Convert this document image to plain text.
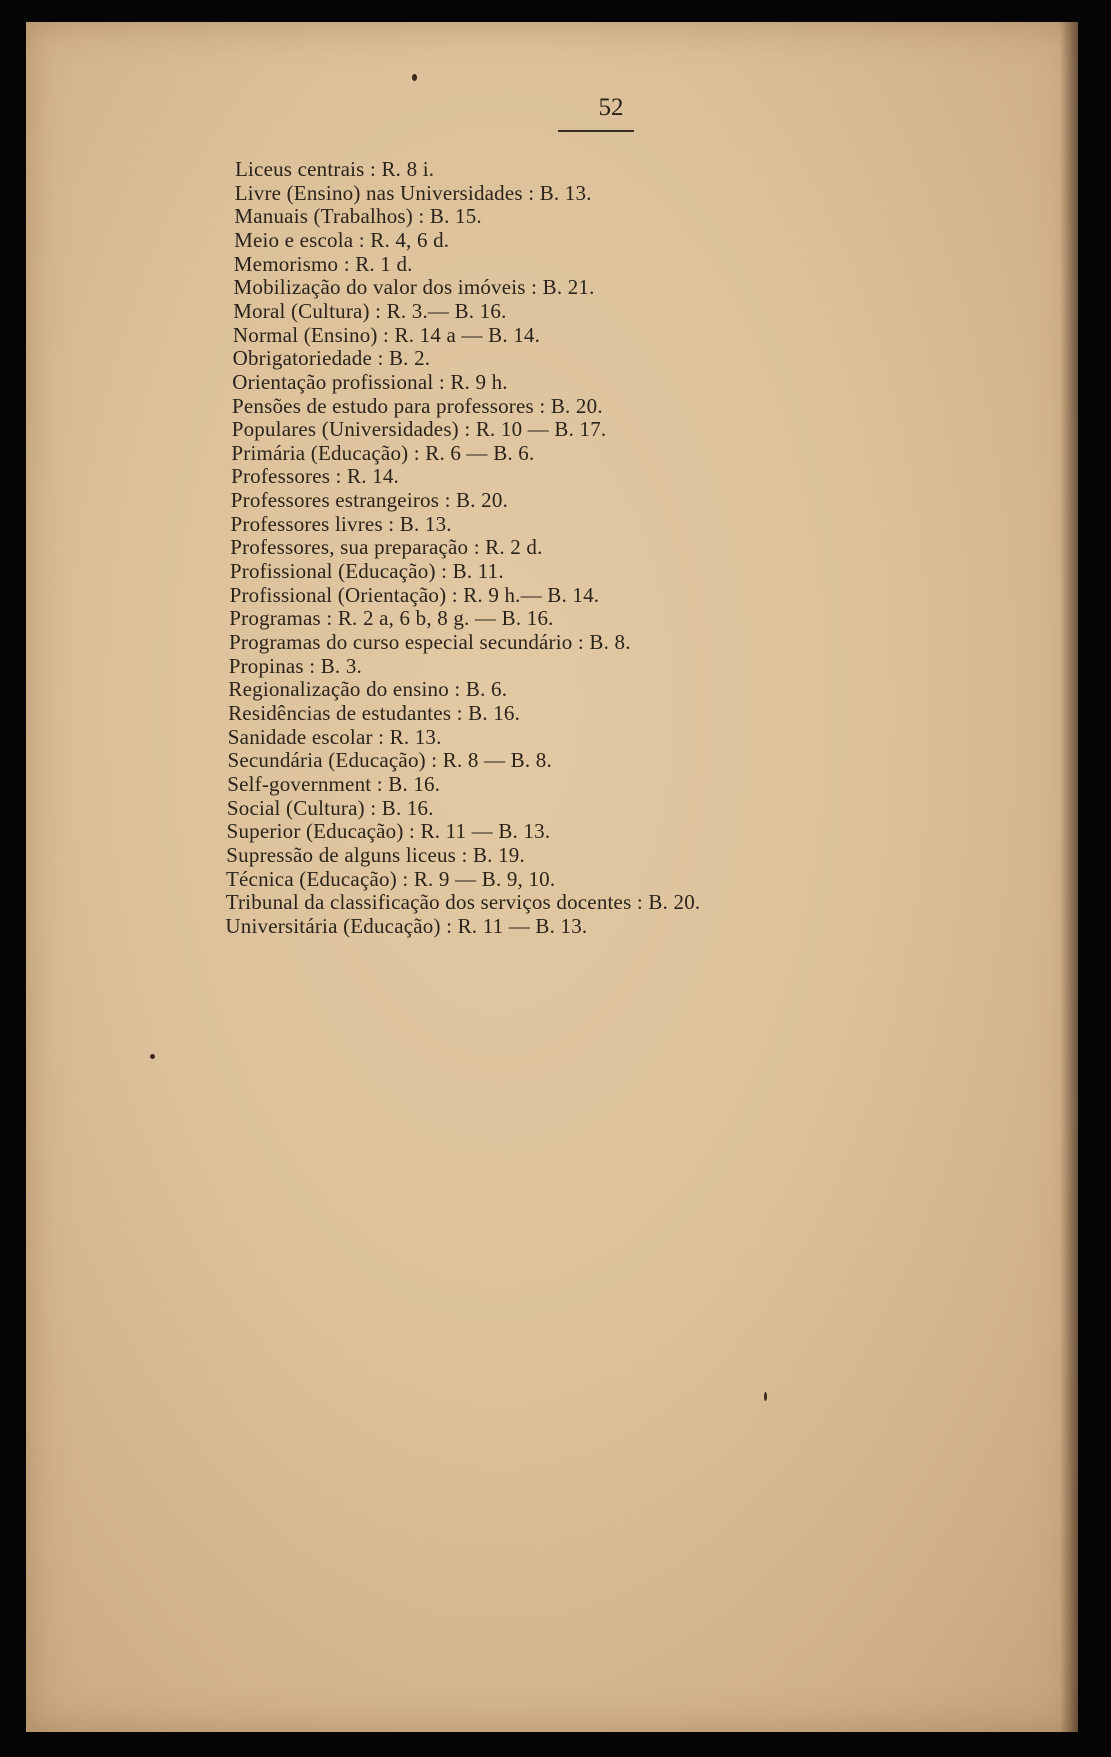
52
Liceus centrais : R. 8 i.
Livre (Ensino) nas Universidades : B. 13.
Manuais (Trabalhos) : B. 15.
Meio e escola : R. 4, 6 d.
Memorismo : R. 1 d.
Mobilização do valor dos imóveis : B. 21.
Moral (Cultura) : R. 3.— B. 16.
Normal (Ensino) : R. 14 a — B. 14.
Obrigatoriedade : B. 2.
Orientação profissional : R. 9 h.
Pensões de estudo para professores : B. 20.
Populares (Universidades) : R. 10 — B. 17.
Primária (Educação) : R. 6 — B. 6.
Professores : R. 14.
Professores estrangeiros : B. 20.
Professores livres : B. 13.
Professores, sua preparação : R. 2 d.
Profissional (Educação) : B. 11.
Profissional (Orientação) : R. 9 h.— B. 14.
Programas : R. 2 a, 6 b, 8 g. — B. 16.
Programas do curso especial secundário : B. 8.
Propinas : B. 3.
Regionalização do ensino : B. 6.
Residências de estudantes : B. 16.
Sanidade escolar : R. 13.
Secundária (Educação) : R. 8 — B. 8.
Self-government : B. 16.
Social (Cultura) : B. 16.
Superior (Educação) : R. 11 — B. 13.
Supressão de alguns liceus : B. 19.
Técnica (Educação) : R. 9 — B. 9, 10.
Tribunal da classificação dos serviços docentes : B. 20.
Universitária (Educação) : R. 11 — B. 13.
